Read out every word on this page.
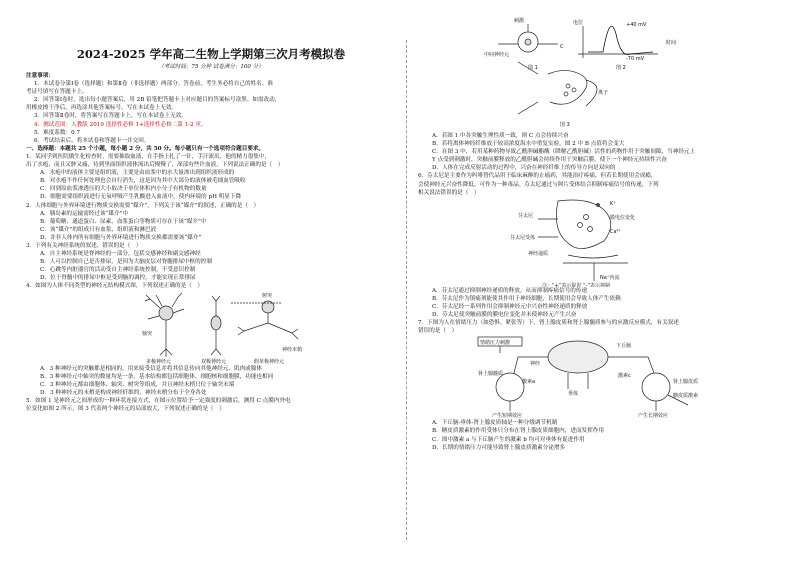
2024-2025 学年高二生物上学期第三次月考模拟卷
（考试时间：75 分钟 试卷满分：100 分）
注意事项：
1．本试卷分第Ⅰ卷（选择题）和第Ⅱ卷（非选择题）两部分。答卷前，考生务必将自己的姓名、准
考证号填写在答题卡上。
2．回答第Ⅰ卷时，选出每小题答案后，用 2B 铅笔把答题卡上对应题目的答案标号涂黑。如需改动，
用橡皮擦干净后，再选涂其他答案标号。写在本试卷上无效。
3．回答第Ⅱ卷时，将答案写在答题卡上，写在本试卷上无效。
4．测试范围：人教版 2019 选择性必修 1+选择性必修二第 1-2 章。
5．难度系数：0.7
6．考试结束后，将本试卷和答题卡一并交回。
一、选择题：本题共 25 个小题，每小题 2 分，共 50 分。每小题只有一个选项符合题目要求。
1．某同学到医院做生化检查时，需要抽取血液，在手指上扎了一针，手汗流出，他的精力很集中，
出了水疱，而且又肿又痛，待到里面组织液体流出后慢慢了，深部有些许血液，下列说法正确的是（　）
A．水疱中的液体主要是组织液，主要是由血浆中的水大量渗出到组织液形成的
B．对水疱不作任何处理也会自行消失，这是因为其中大部分的液体被毛细血管吸收
C．回到原血浆渗透压的大小取决于单位体积内小分子有机物的数量
D．细胞需要组织液进行无氧呼吸产生乳酸进入血液中，使内环境的 pH 明显下降
2．人体细胞与外界环境进行物质交换需要“媒介”，下列关于该“媒介”的叙述，正确的是（　）
A．胰岛素的运输需经过该“媒介”中
B．葡萄糖、通道蛋白、尿素、血浆蛋白等物质可存在于该“媒介”中
C．该“媒介”的组成只有血浆、组织液和淋巴液
D．并非人体内所有细胞与外界环境进行物质交换都需要该“媒介”
3．下列有关神经系统的叙述，错误的是（　）
A．自主神经系统是脊神经的一部分，包括交感神经和副交感神经
B．人可以控制自己是否排尿，是因为大脑皮层对脊髓排尿中枢的控制
C．心跳等内脏器官的活动受自主神经系统控制，不受意识控制
D．位于脊髓中的排尿中枢是受到脑的调控，才能实现正常排尿
4．如图为人体不同类型的神经元结构模式图，下列叙述正确的是（　）
树突
轴突
神经末梢
多极神经元	双极神经元	假单极神经元
A．3 种神经元的突触都是相同的，用来接受信息并将其信息传向其他神经元、肌肉或腺体
B．3 种神经元中轴突的数量均是一条，基本结构都包括细胞体、细胞核和细胞膜，功能也相同
C．3 种神经元都由细胞体、轴突、树突等组成，并且神经末梢只位于轴突末端
D．3 种神经元的末梢是构成神经纤维的，神经末梢分布于全身各处
5．如图 1 是神经元之间形成的一种环状连接方式，在图示位置给予一定强度的刺激后，测得 C 点膜内外电
位变化如图 2 所示，图 3 代表两个神经元的局部放大，下列叙述正确的是（　）
刺激
中间神经元
C
+40 mV
-70 mV
时间
电位
图 1	图 2
离子
图 3
A．若图 1 中各突触生理性质一致，则 C 点会持续兴奋
B．若将离体神经纤维放于较高浓度海水中重复实验，图 2 中 B 点值将会变大
C．在图 3 中，若用某种药物导致乙酰胆碱酯酶（降解乙酰胆碱）活性的药物作用于突触间隙，当神经元上
Y 点受到刺激时，突触前膜释放的乙酰胆碱会持续作用于突触后膜，使下一个神经元持续性兴奋
D．人体在完成反射活动的过程中，兴奋在神经纤维上的传导方向是双向的
6．芬太尼是主要作为吗啡替代品用于临床麻醉的止痛药，其能治疗疼痛，但若长期使用会成瘾，
会使神经元兴奋性降低，可作为一种毒品。芬太尼通过与阿片受体结合抑制疼痛信号的传递，下列
相关说法错误的是（　）
K⁺
Ca²⁺
芬太尼
芬太尼受体
膜电位变化
神经递质
Na⁺内流
注：“+”表示促进 “-”表示抑制
A．芬太尼通过抑制神经递质的释放，从而抑制疼痛信号的传递
B．芬太尼作为镇痛剂能使其作用于神经细胞，长期使用会导致人体产生依赖
C．芬太尼经一系列作用会抑制神经元中兴奋性神经递质的释放
D．芬太尼使突触前膜的膜电位变化并未使神经元产生兴奋
7．下图为人在情绪压力（如恐惧、紧张等）下，肾上腺皮质和肾上腺髓质参与的应激反应模式，有关叙述
错误的是（　）
情绪压力刺激	下丘脑
神经
激素a
垂体
肾上腺皮质
肾上腺髓质
糖皮质激素
激素c
产生短期效应	产生长期效应
A．下丘脑-垂体-肾上腺皮质轴是一种分级调节机制
B．糖皮质激素的作用受体只分布在肾上腺皮质细胞内，进而发挥作用
C．图中激素 a 与下丘脑产生的激素 b 均可对垂体有促进作用
D．长期的情绪压力可能导致肾上腺皮质激素分泌增多
